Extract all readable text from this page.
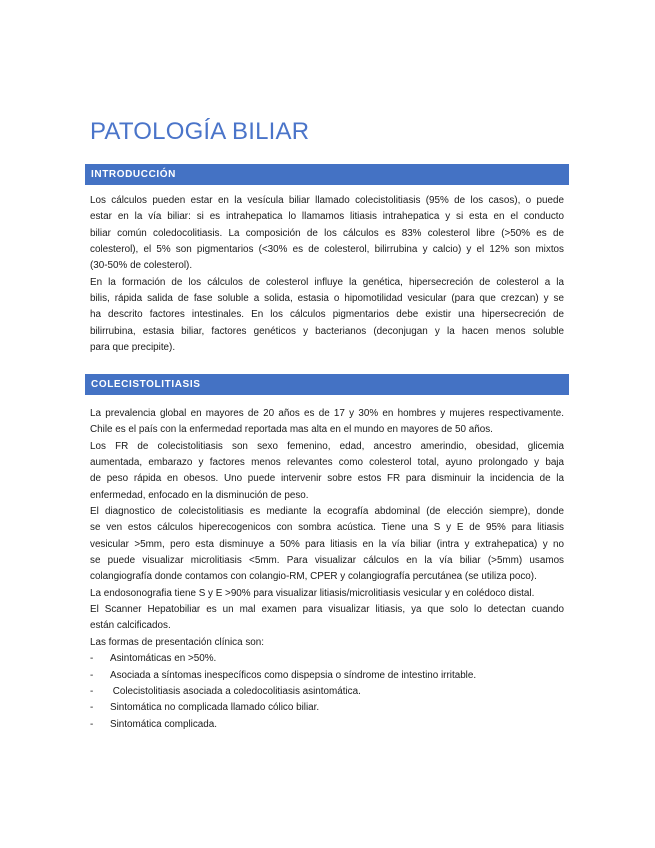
PATOLOGÍA BILIAR
INTRODUCCIÓN

Los cálculos pueden estar en la vesícula biliar llamado colecistolitiasis (95% de los casos), o puede
estar en la vía biliar: si es intrahepatica lo llamamos litiasis intrahepatica y si esta en el conducto
biliar común coledocolitiasis. La composición de los cálculos es 83% colesterol libre (>50% es de
colesterol), el 5% son pigmentarios (<30% es de colesterol, bilirrubina y calcio) y el 12% son mixtos
(30-50% de colesterol).

En la formación de los cálculos de colesterol influye la genética, hipersecreción de colesterol a la
bilis, rápida salida de fase soluble a solida, estasia o hipomotilidad vesicular (para que crezcan) y se
ha descrito factores intestinales. En los cálculos pigmentarios debe existir una hipersecreción de
bilirrubina, estasia biliar, factores genéticos y bacterianos (deconjugan y la hacen menos soluble
para que precipite).

COLECISTOLITIASIS

La prevalencia global en mayores de 20 años es de 17 y 30% en hombres y mujeres respectivamente.
Chile es el país con la enfermedad reportada mas alta en el mundo en mayores de 50 años.

Los FR de colecistolitiasis son sexo femenino, edad, ancestro amerindio, obesidad, glicemia
aumentada, embarazo y factores menos relevantes como colesterol total, ayuno prolongado y baja
de peso rápida en obesos. Uno puede intervenir sobre estos FR para disminuir la incidencia de la
enfermedad, enfocado en la disminución de peso.

El diagnostico de colecistolitiasis es mediante la ecografía abdominal (de elección siempre), donde
se ven estos cálculos hiperecogenicos con sombra acústica. Tiene una S y E de 95% para litiasis
vesicular >5mm, pero esta disminuye a 50% para litiasis en la vía biliar (intra y extrahepatica) y no
se puede visualizar microlitiasis <5mm. Para visualizar cálculos en la vía biliar (>5mm) usamos
colangiografía donde contamos con colangio-RM, CPER y colangiografía percutánea (se utiliza poco).

La endosonografia tiene S y E >90% para visualizar litiasis/microlitiasis vesicular y en colédoco distal.
El Scanner Hepatobiliar es un mal examen para visualizar litiasis, ya que solo lo detectan cuando
están calcificados.

Las formas de presentación clínica son:

- Asintomáticas en >50%.
- Asociada a síntomas inespecíficos como dispepsia o síndrome de intestino irritable.
- Colecistolitiasis asociada a coledocolitiasis asintomática.
- Sintomática no complicada llamado cólico biliar.
- Sintomática complicada.
